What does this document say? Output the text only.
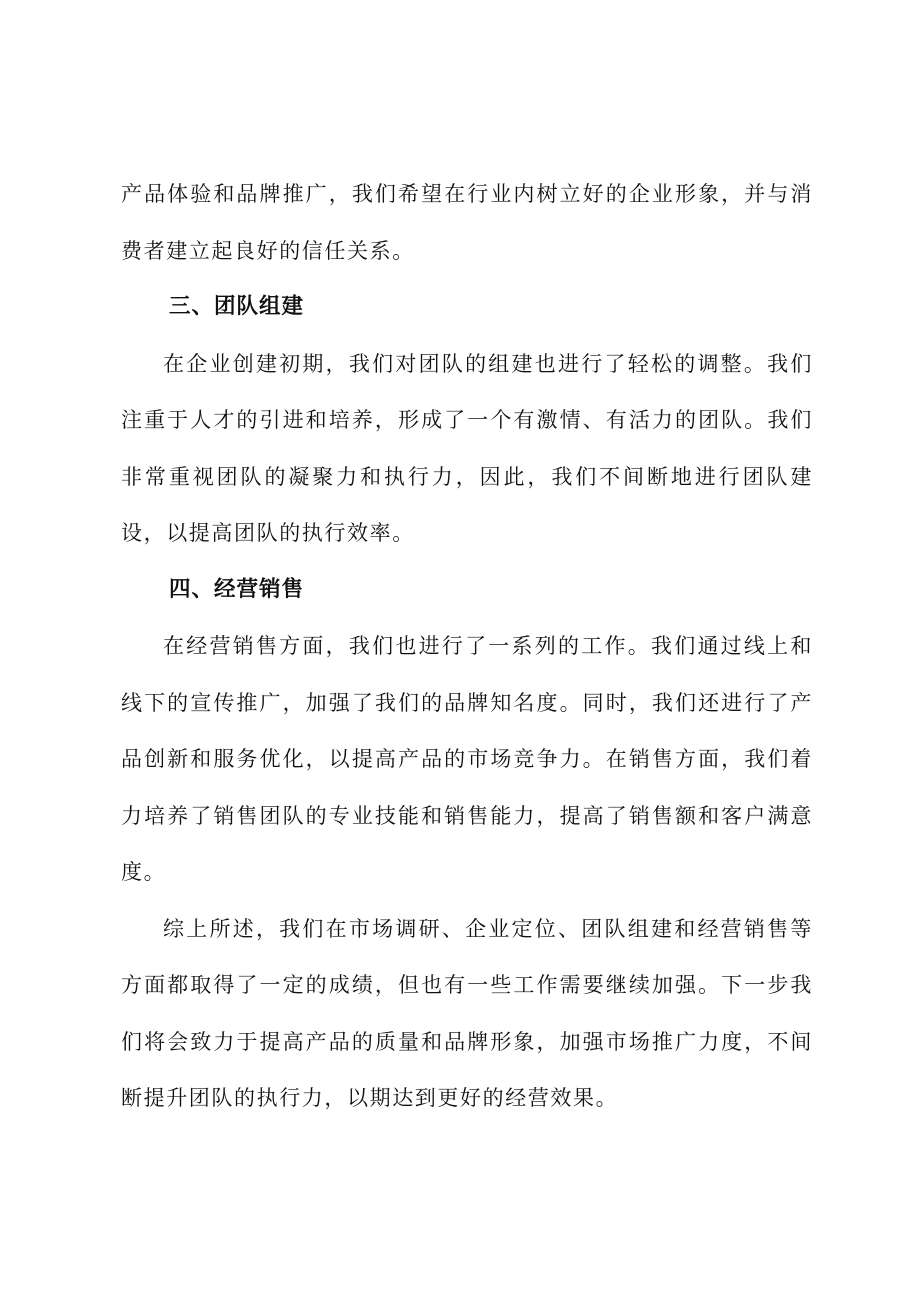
产品体验和品牌推广，我们希望在行业内树立好的企业形象，并与消费者建立起良好的信任关系。

三、团队组建

在企业创建初期，我们对团队的组建也进行了轻松的调整。我们注重于人才的引进和培养，形成了一个有激情、有活力的团队。我们非常重视团队的凝聚力和执行力，因此，我们不间断地进行团队建设，以提高团队的执行效率。

四、经营销售

在经营销售方面，我们也进行了一系列的工作。我们通过线上和线下的宣传推广，加强了我们的品牌知名度。同时，我们还进行了产品创新和服务优化，以提高产品的市场竞争力。在销售方面，我们着力培养了销售团队的专业技能和销售能力，提高了销售额和客户满意度。

综上所述，我们在市场调研、企业定位、团队组建和经营销售等方面都取得了一定的成绩，但也有一些工作需要继续加强。下一步我们将会致力于提高产品的质量和品牌形象，加强市场推广力度，不间断提升团队的执行力，以期达到更好的经营效果。
